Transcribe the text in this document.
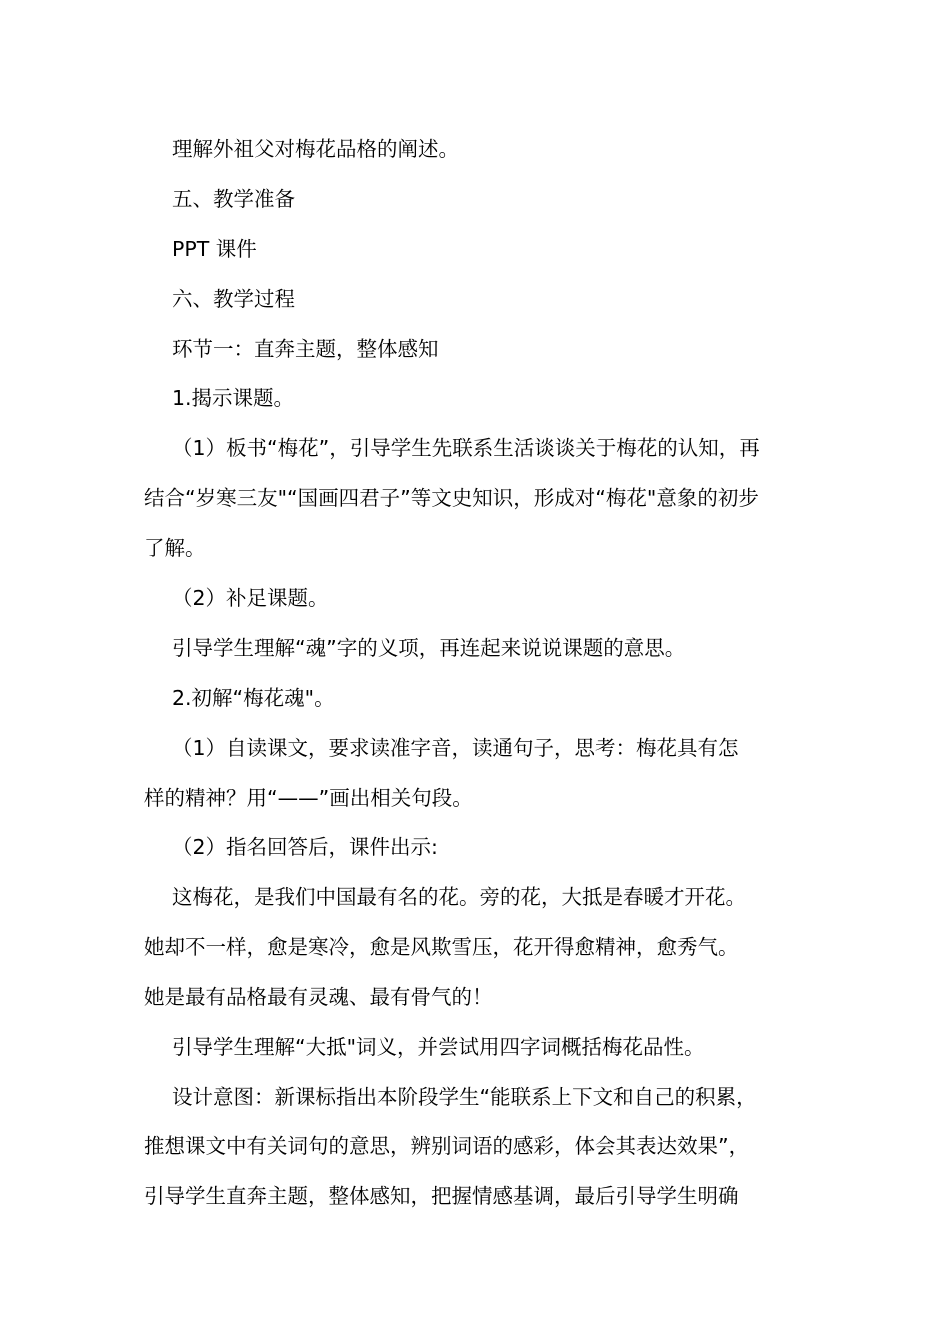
理解外祖父对梅花品格的阐述。
五、教学准备
PPT 课件
六、教学过程
环节一：直奔主题，整体感知
1.揭示课题。
（1）板书“梅花”，引导学生先联系生活谈谈关于梅花的认知，再
结合“岁寒三友"“国画四君子”等文史知识，形成对“梅花"意象的初步
了解。
（2）补足课题。
引导学生理解“魂”字的义项，再连起来说说课题的意思。
2.初解“梅花魂"。
（1）自读课文，要求读准字音，读通句子，思考：梅花具有怎
样的精神？用“——”画出相关句段。
（2）指名回答后，课件出示:
这梅花，是我们中国最有名的花。旁的花，大抵是春暖才开花。
她却不一样，愈是寒冷，愈是风欺雪压，花开得愈精神，愈秀气。
她是最有品格最有灵魂、最有骨气的！
引导学生理解“大抵"词义，并尝试用四字词概括梅花品性。
设计意图：新课标指出本阶段学生“能联系上下文和自己的积累，
推想课文中有关词句的意思，辨别词语的感彩，体会其表达效果”，
引导学生直奔主题，整体感知，把握情感基调，最后引导学生明确
